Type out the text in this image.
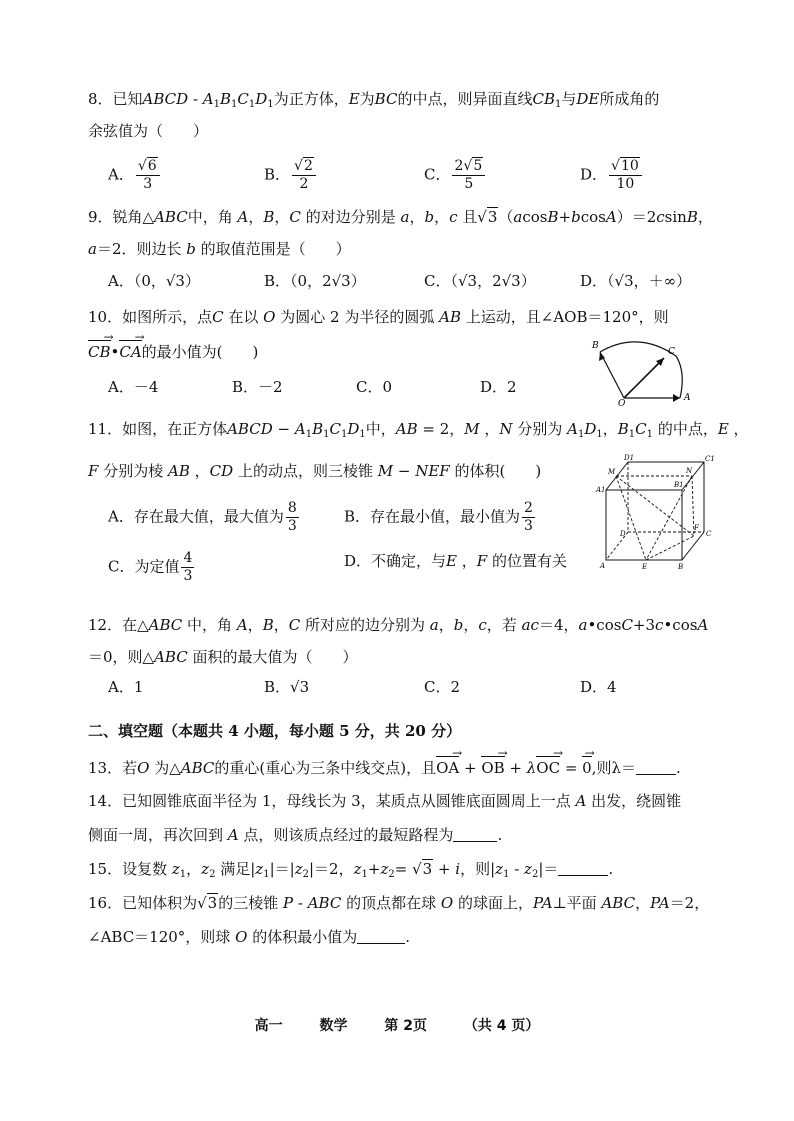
8．已知ABCD - $A_1B_1C_1D_1$为正方体，E为BC的中点，则异面直线$CB_1$与DE所成角的
余弦值为（　　）
A． $\frac{√6}{3}$	B． $\frac{√2}{2}$	C． $\frac{2√5}{5}$	D． $\frac{√10}{10}$
9．锐角△ABC中，角 A，B，C 的对边分别是 a，b，c 且√3（acosB+bcosA）＝2csinB，
a＝2．则边长 b 的取值范围是（　　）
A．（0，√3）	B．（0，2√3）	C．（√3，2√3）	D．（√3，＋∞）
10．如图所示，点C 在以 O 为圆心 2 为半径的圆弧 AB 上运动，且∠AOB＝120°，则
CB →•CA →的最小值为(　　)
A．－4	B．－2	C．0	D．2
B
C
O
A
11．如图，在正方体ABCD − $A_1B_1C_1D_1$中，AB = 2，M ，N 分别为 $A_1D_1$，$B_1C_1$ 的中点，E ，
F 分别为棱 AB ，CD 上的动点，则三棱锥 M − NEF 的体积(　　)
A．存在最大值，最大值为 $\frac{8}{3}$	B．存在最小值，最小值为 $\frac{2}{3}$
C．为定值 $\frac{4}{3}$	D．不确定，与E ，F 的位置有关
M
D1
N
C1
A1
B1
D
F
C
A	E	B
12．在△ABC 中，角 A，B，C 所对应的边分别为 a，b，c，若 ac＝4，a•cosC+3c•cosA
＝0，则△ABC 面积的最大值为（　　）
A．1	B．√3	C．2	D．4
二、填空题（本题共 4 小题，每小题 5 分，共 20 分）
13．若O 为△ABC的重心(重心为三条中线交点)，且OA → + OB → + λOC → = 0 →,则λ＝	.
14．已知圆锥底面半径为 1，母线长为 3，某质点从圆锥底面圆周上一点 A 出发，绕圆锥
侧面一周，再次回到 A 点，则该质点经过的最短路程为	.
15．设复数 $z_1$，$z_2$ 满足$|z_1|=|z_2|=2$，$z_1+z_2= √3 + i$，则$|z_1 - z_2|=$	.
16．已知体积为√3的三棱锥 P - ABC 的顶点都在球 O 的球面上，PA⊥平面 ABC，PA＝2，
∠ABC＝120°，则球 O 的体积最小值为	.
高一	数学	第 2页	（共 4 页）
